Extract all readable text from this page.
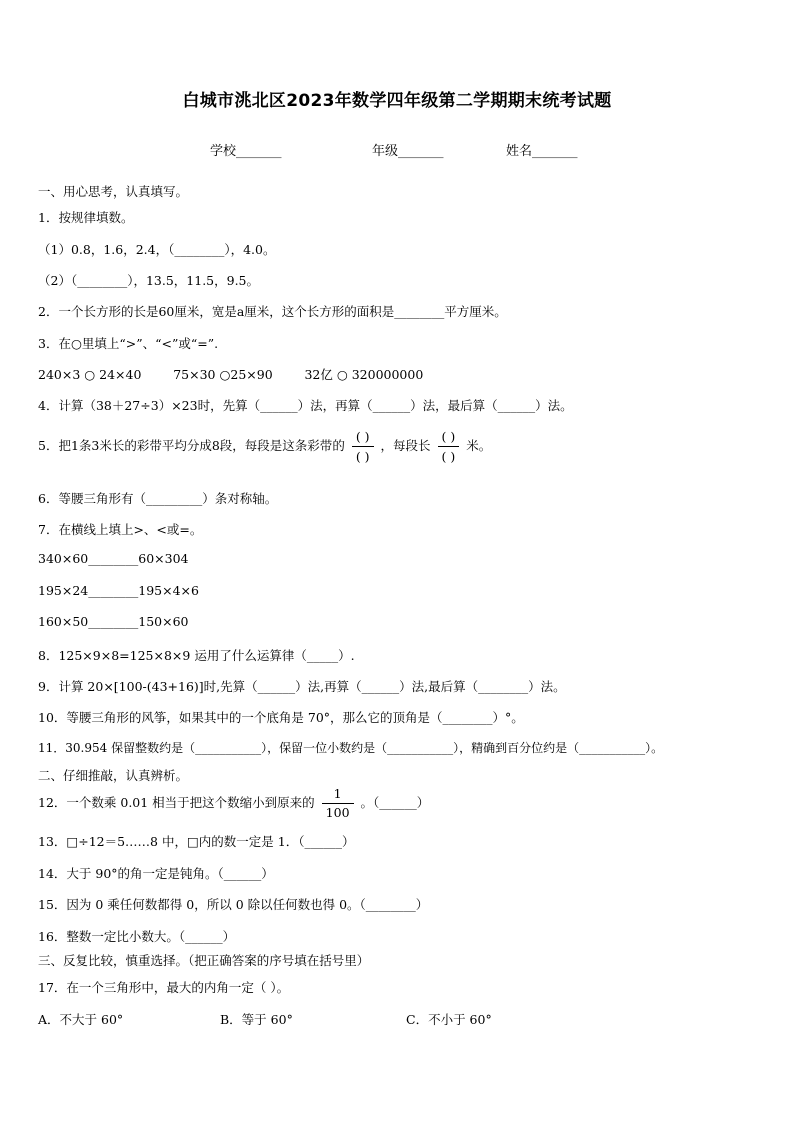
白城市洮北区2023年数学四年级第二学期期末统考试题
学校_______	年级_______	姓名_______
一、用心思考，认真填写。
1．按规律填数。
（1）0.8，1.6，2.4，（________），4.0。
（2）（________），13.5，11.5，9.5。
2．一个长方形的长是60厘米，宽是a厘米，这个长方形的面积是________平方厘米。
3．在○里填上“>”、“<”或“=”.
240×3 ○ 24×40        75×30 ○25×90        32亿 ○ 320000000
4．计算（38＋27÷3）×23时，先算（______）法，再算（______）法，最后算（______）法。
5．把1条3米长的彩带平均分成8段，每段是这条彩带的 $\frac{( )}{( )}$ ，每段长 $\frac{( )}{( )}$ 米。
6．等腰三角形有（_________）条对称轴。
7．在横线上填上>、<或=。
340×60________60×304
195×24________195×4×6
160×50________150×60
8．125×9×8=125×8×9 运用了什么运算律（_____）.
9．计算 20×[100-(43+16)]时,先算（______）法,再算（______）法,最后算（________）法。
10．等腰三角形的风筝，如果其中的一个底角是 70°，那么它的顶角是（________）°。
11．30.954 保留整数约是（___________），保留一位小数约是（___________），精确到百分位约是（___________）。
二、仔细推敲，认真辨析。
12．一个数乘 0.01 相当于把这个数缩小到原来的 $\frac{1}{100}$ 。（______）
13．□÷12＝5……8 中，□内的数一定是 1．（______）
14．大于 90°的角一定是钝角。（______）
15．因为 0 乘任何数都得 0，所以 0 除以任何数也得 0。（________）
16．整数一定比小数大。（______）
三、反复比较，慎重选择。（把正确答案的序号填在括号里）
17．在一个三角形中，最大的内角一定（ ）。
A．不大于 60°	B．等于 60°	C．不小于 60°
